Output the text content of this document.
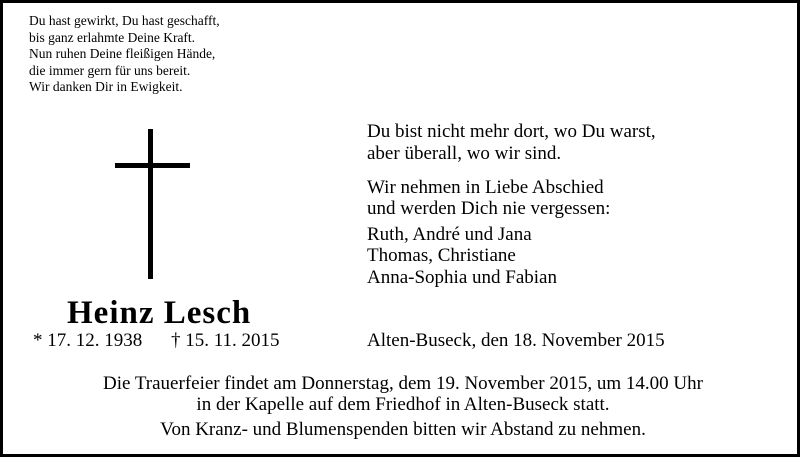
Du hast gewirkt, Du hast geschafft,
bis ganz erlahmte Deine Kraft.
Nun ruhen Deine fleißigen Hände,
die immer gern für uns bereit.
Wir danken Dir in Ewigkeit.
Heinz Lesch
* 17. 12. 1938 † 15. 11. 2015
Du bist nicht mehr dort, wo Du warst,
aber überall, wo wir sind.
Wir nehmen in Liebe Abschied
und werden Dich nie vergessen:
Ruth, André und Jana
Thomas, Christiane
Anna-Sophia und Fabian
Alten-Buseck, den 18. November 2015
Die Trauerfeier findet am Donnerstag, dem 19. November 2015, um 14.00 Uhr
in der Kapelle auf dem Friedhof in Alten-Buseck statt.
Von Kranz- und Blumenspenden bitten wir Abstand zu nehmen.
